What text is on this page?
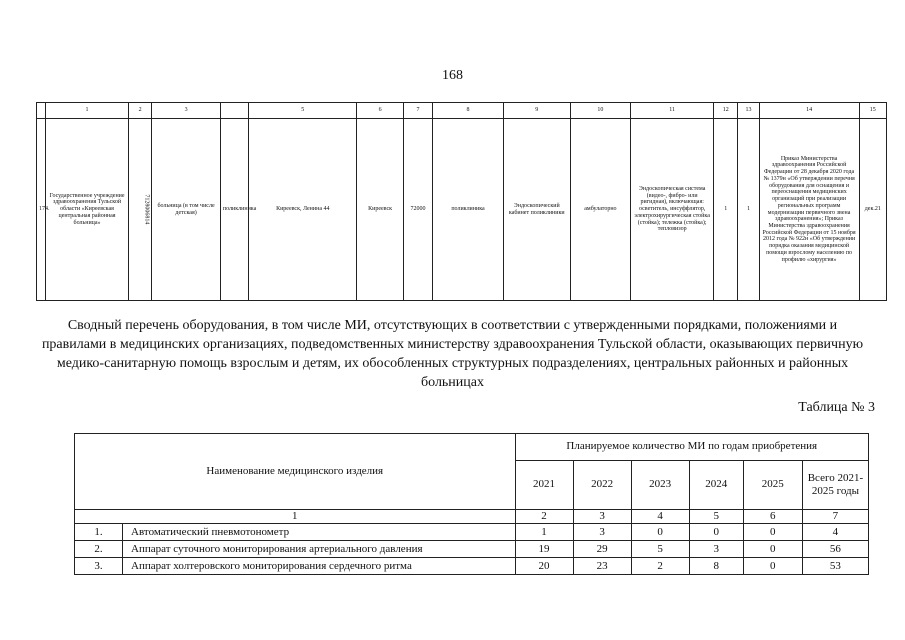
168
	1	2	3		5	6	7	8	9	10	11	12	13	14	15
174.	Государственное учреждение здравоохранения Тульской области «Киреевская центральная районная больница»	7128006814	больница (в том числе детская)	поликлиника	Киреевск, Ленина 44	Киреевск	72000	поликлиника	Эндоскопический кабинет поликлиники	амбулаторно	Эндоскопическая система (видео-, фибро- или ригидная), включающая: осветитель, инсуффлятор, электрохирургическая стойка (стойка); тележка (стойка); тепловизор	1	1	Приказ Министерства здравоохранения Российской Федерации от 28 декабря 2020 года № 1379н «Об утверждении перечня оборудования для оснащения и переоснащения медицинских организаций при реализации региональных программ модернизации первичного звена здравоохранения»; Приказ Министерства здравоохранения Российской Федерации от 15 ноября 2012 года № 922н «Об утверждении порядка оказания медицинской помощи взрослому населению по профилю «хирургия»	дек.21
Сводный перечень оборудования, в том числе МИ, отсутствующих в соответствии с утвержденными порядками, положениями и правилами в медицинских организациях, подведомственных министерству здравоохранения Тульской области, оказывающих первичную медико-санитарную помощь взрослым и детям, их обособленных структурных подразделениях, центральных районных и районных больницах
Таблица № 3
Наименование медицинского изделия		Планируемое количество МИ по годам приобретения					
		2021	2022	2023	2024	2025	Всего 2021-2025 годы
1		2	3	4	5	6	7
1.	Автоматический пневмотонометр	1	3	0	0	0	4
2.	Аппарат суточного мониторирования артериального давления	19	29	5	3	0	56
3.	Аппарат холтеровского мониторирования сердечного ритма	20	23	2	8	0	53
